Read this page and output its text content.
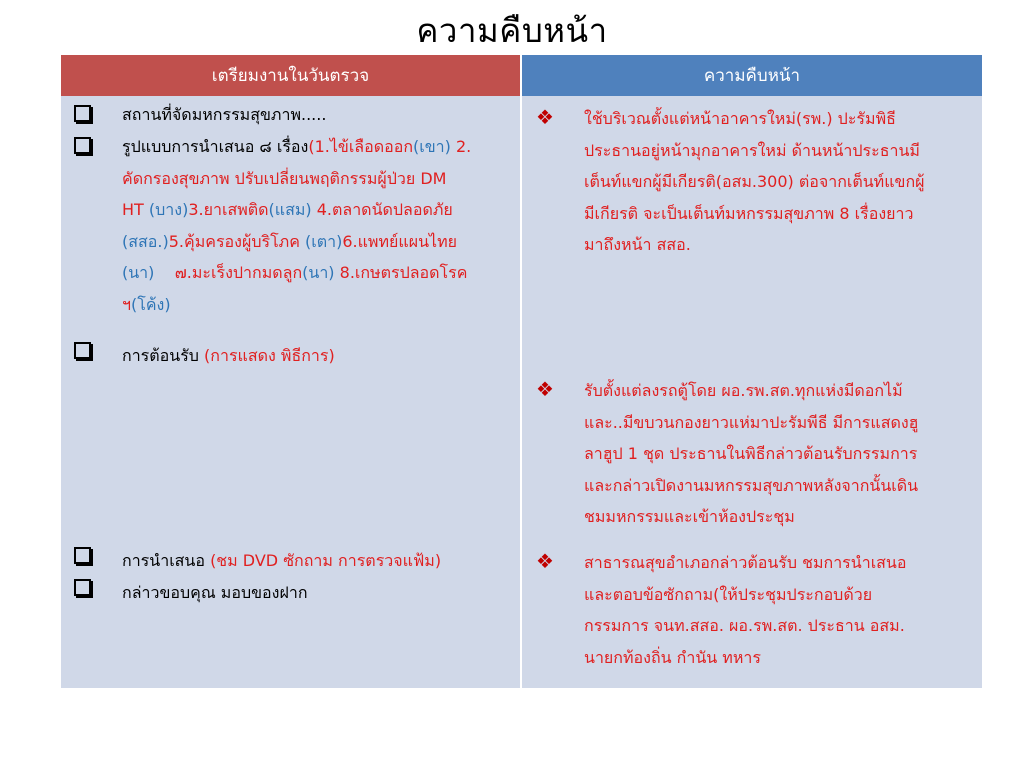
ความคืบหน้า
เตรียมงานในวันตรวจ	ความคืบหน้า
สถานที่จัดมหกรรมสุขภาพ.....
รูปแบบการนำเสนอ ๘ เรื่อง(1.ไข้เลือดออก(เขา) 2.
คัดกรองสุขภาพ ปรับเปลี่ยนพฤติกรรมผู้ป่วย DM
HT (บาง)3.ยาเสพติด(แสม) 4.ตลาดนัดปลอดภัย
(สสอ.)5.คุ้มครองผู้บริโภค (เตา)6.แพทย์แผนไทย
(นา)    ๗.มะเร็งปากมดลูก(นา) 8.เกษตรปลอดโรค
ฯ(โค้ง)
การต้อนรับ (การแสดง พิธีการ)
การนำเสนอ (ชม DVD ซักถาม การตรวจแฟ้ม)
กล่าวขอบคุณ มอบของฝาก
❖
❖
❖
ใช้บริเวณตั้งแต่หน้าอาคารใหม่(รพ.) ปะรัมพิธี
ประธานอยู่หน้ามุกอาคารใหม่ ด้านหน้าประธานมี
เต็นท์แขกผู้มีเกียรติ(อสม.300) ต่อจากเต็นท์แขกผู้
มีเกียรติ จะเป็นเต็นท์มหกรรมสุขภาพ 8 เรื่องยาว
มาถึงหน้า สสอ.
รับตั้งแต่ลงรถตู้โดย ผอ.รพ.สต.ทุกแห่งมีดอกไม้
และ..มีขบวนกองยาวแห่มาปะรัมพีธี มีการแสดงฮู
ลาฮูป 1 ชุด ประธานในพิธีกล่าวต้อนรับกรรมการ
และกล่าวเปิดงานมหกรรมสุขภาพหลังจากนั้นเดิน
ชมมหกรรมและเข้าห้องประชุม
สาธารณสุขอำเภอกล่าวต้อนรับ ชมการนำเสนอ
และตอบข้อซักถาม(ให้ประชุมประกอบด้วย
กรรมการ จนท.สสอ. ผอ.รพ.สต. ประธาน อสม.
นายกท้องถิ่น กำนัน ทหาร
